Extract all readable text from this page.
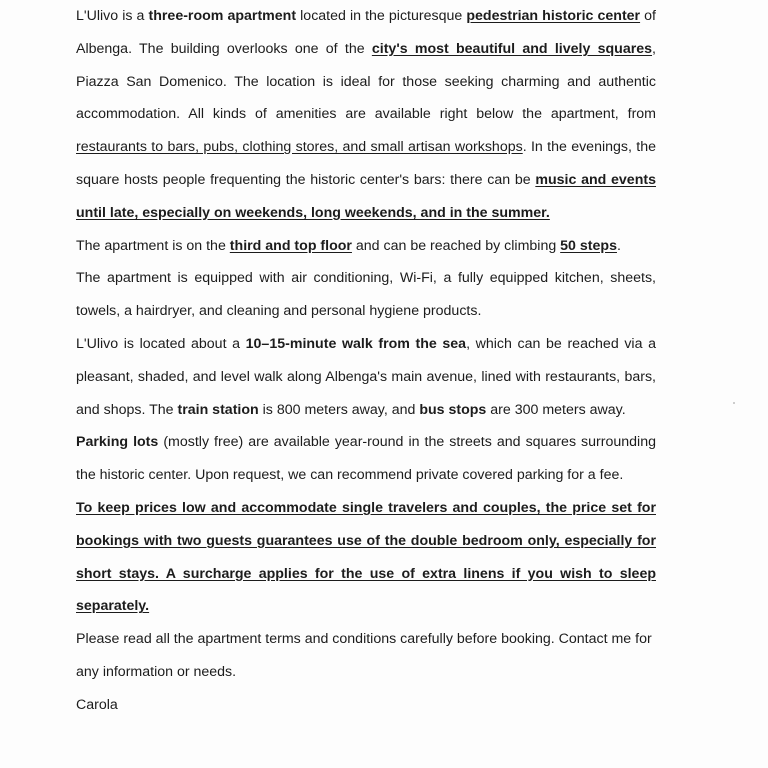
L'Ulivo is a three-room apartment located in the picturesque pedestrian historic center of Albenga. The building overlooks one of the city's most beautiful and lively squares, Piazza San Domenico. The location is ideal for those seeking charming and authentic accommodation. All kinds of amenities are available right below the apartment, from restaurants to bars, pubs, clothing stores, and small artisan workshops. In the evenings, the square hosts people frequenting the historic center's bars: there can be music and events until late, especially on weekends, long weekends, and in the summer.

The apartment is on the third and top floor and can be reached by climbing 50 steps.

The apartment is equipped with air conditioning, Wi-Fi, a fully equipped kitchen, sheets, towels, a hairdryer, and cleaning and personal hygiene products.

L'Ulivo is located about a 10–15-minute walk from the sea, which can be reached via a pleasant, shaded, and level walk along Albenga's main avenue, lined with restaurants, bars, and shops. The train station is 800 meters away, and bus stops are 300 meters away.

Parking lots (mostly free) are available year-round in the streets and squares surrounding the historic center. Upon request, we can recommend private covered parking for a fee.

To keep prices low and accommodate single travelers and couples, the price set for bookings with two guests guarantees use of the double bedroom only, especially for short stays. A surcharge applies for the use of extra linens if you wish to sleep separately.

Please read all the apartment terms and conditions carefully before booking. Contact me for any information or needs.

Carola
